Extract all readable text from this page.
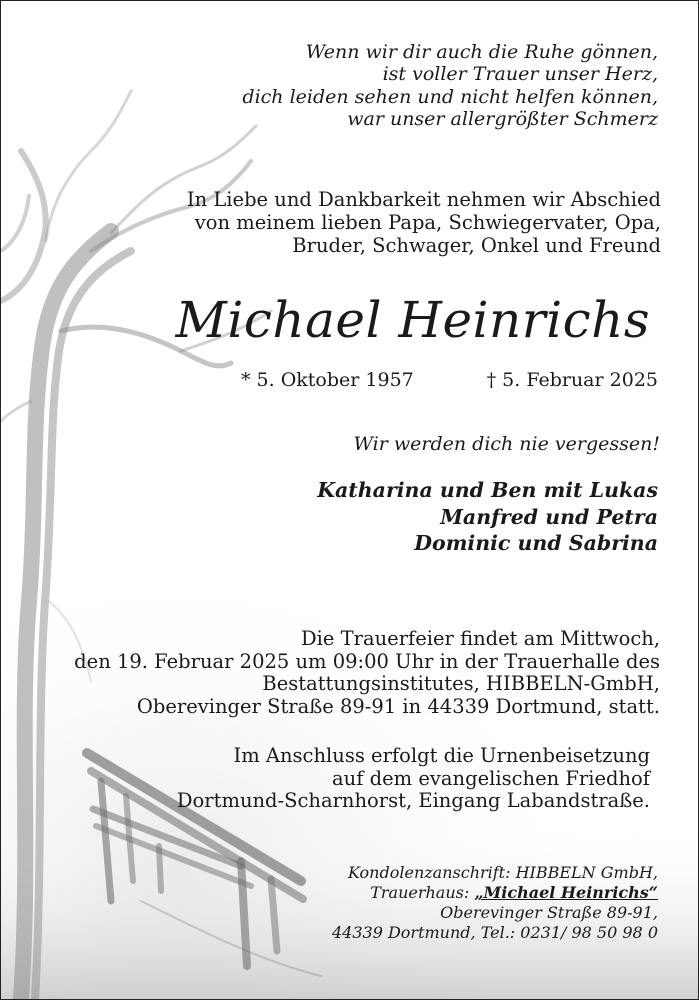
Wenn wir dir auch die Ruhe gönnen,
ist voller Trauer unser Herz,
dich leiden sehen und nicht helfen können,
war unser allergrößter Schmerz
In Liebe und Dankbarkeit nehmen wir Abschied
von meinem lieben Papa, Schwiegervater, Opa,
Bruder, Schwager, Onkel und Freund
Michael Heinrichs
* 5. Oktober 1957	† 5. Februar 2025
Wir werden dich nie vergessen!
Katharina und Ben mit Lukas
Manfred und Petra
Dominic und Sabrina
Die Trauerfeier findet am Mittwoch,
den 19. Februar 2025 um 09:00 Uhr in der Trauerhalle des
Bestattungsinstitutes, HIBBELN-GmbH,
Oberevinger Straße 89-91 in 44339 Dortmund, statt.
Im Anschluss erfolgt die Urnenbeisetzung
auf dem evangelischen Friedhof
Dortmund-Scharnhorst, Eingang Labandstraße.
Kondolenzanschrift: HIBBELN GmbH,
Trauerhaus: „Michael Heinrichs“
Oberevinger Straße 89-91,
44339 Dortmund, Tel.: 0231/ 98 50 98 0
